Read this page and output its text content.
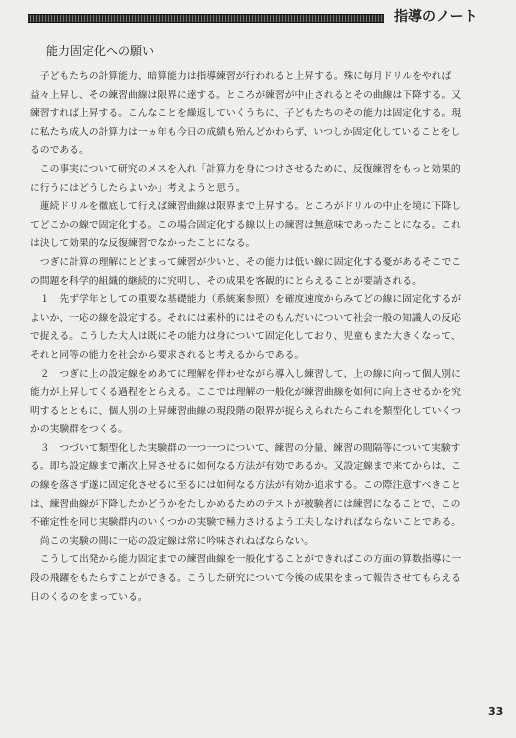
指導のノート
能力固定化への願い

　子どもたちの計算能力、暗算能力は指導練習が行われると上昇する。殊に毎月ドリルをやれば益々上昇し、その練習曲線は限界に達する。ところが練習が中止されるとその曲線は下降する。又練習すれば上昇する。こんなことを繰返していくうちに、子どもたちのその能力は固定化する。現に私たち成人の計算力は一ヵ年も今日の成績も殆んどかわらず、いつしか固定化していることをしるのである。

　この事実について研究のメスを入れ「計算力を身につけさせるために、反復練習をもっと効果的に行うにはどうしたらよいか」考えようと思う。

　蓮続ドリルを徹底して行えば練習曲線は限界まで上昇する。ところがドリルの中止を境に下降してどこかの線で固定化する。この場合固定化する線以上の練習は無意味であったことになる。これは決して効果的な反復練習でなかったことになる。

　つぎに計算の理解にとどまって練習が少いと、その能力は低い線に固定化する憂があるそこでこの問題を科学的組織的継続的に究明し、その成果を客観的にとらえることが要請される。

　１　先ず学年としての重要な基礎能力（系統案参照）を確度速度からみてどの線に固定化するがよいか、一応の線を設定する。それには素朴的にはそのもんだいについて社会一般の知識人の反応で捉える。こうした大人は既にその能力は身について固定化しており、児童もまた大きくなって、それと同等の能力を社会から要求されると考えるからである。

　２　つぎに上の設定線をめあてに理解を伴わせながら導入し練習して、上の線に向って個人別に能力が上昇してくる過程をとらえる。ここでは理解の一般化が練習曲線を如何に向上させるかを究明するとともに、個人別の上昇練習曲線の現段階の限界が捉らえられたらこれを類型化していくつかの実験群をつくる。

　３　つづいて類型化した実験群の一つ一つについて、練習の分量、練習の間隔等について実験する。即ち設定線まで漸次上昇させるに如何なる方法が有効であるか。又設定線まで来てからは、この線を落さず遂に固定化させるに至るには如何なる方法が有効か追求する。この際注意すべきことは、練習曲線が下降したかどうかをたしかめるためのテストが被験者には練習になることで、この不確定性を同じ実験群内のいくつかの実験で極力さけるよう工夫しなければならないことである。

　尚この実験の間に一応の設定線は常に吟味されねばならない。

　こうして出発から能力固定までの練習曲線を一般化することができればこの方面の算数指導に一段の飛躍をもたらすことができる。こうした研究について今後の成果をまって報告させてもらえる日のくるのをまっている。

33
